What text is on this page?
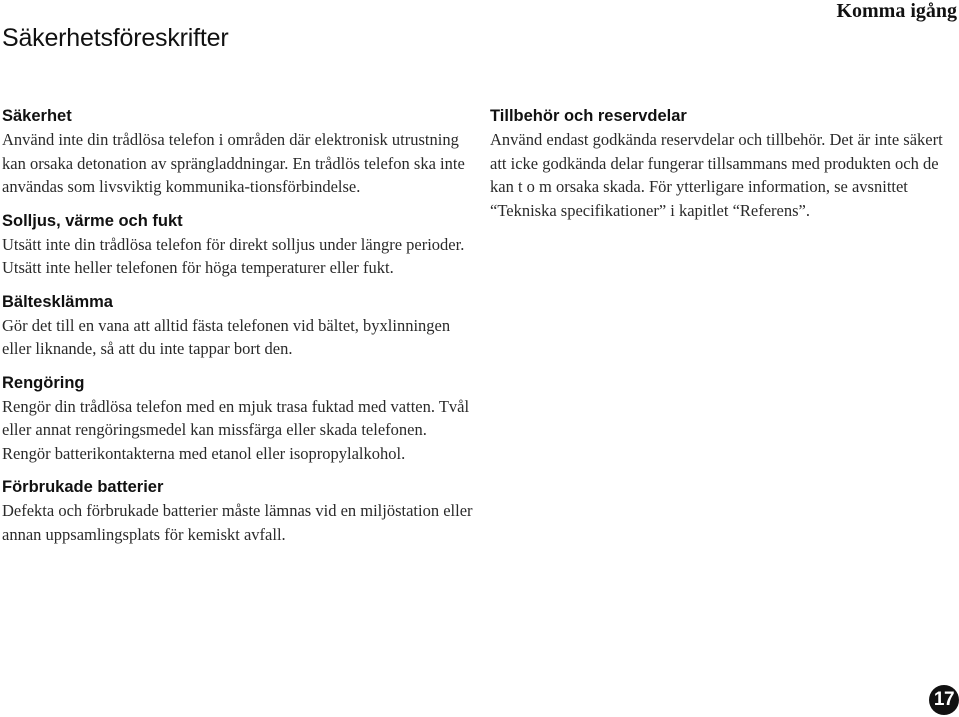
Säkerhetsföreskrifter
Komma igång
Säkerhet

Använd inte din trådlösa telefon i områden där elektronisk utrustning kan orsaka detonation av sprängladdningar. En trådlös telefon ska inte användas som livsviktig kommunika-tionsförbindelse.

Solljus, värme och fukt

Utsätt inte din trådlösa telefon för direkt solljus under längre perioder. Utsätt inte heller telefonen för höga temperaturer eller fukt.

Bältesklämma

Gör det till en vana att alltid fästa telefonen vid bältet, byxlinningen eller liknande, så att du inte tappar bort den.

Rengöring

Rengör din trådlösa telefon med en mjuk trasa fuktad med vatten. Tvål eller annat rengöringsmedel kan missfärga eller skada telefonen. Rengör batterikontakterna med etanol eller isopropylalkohol.

Förbrukade batterier

Defekta och förbrukade batterier måste lämnas vid en miljöstation eller annan uppsamlingsplats för kemiskt avfall.

Tillbehör och reservdelar

Använd endast godkända reservdelar och tillbehör. Det är inte säkert att icke godkända delar fungerar tillsammans med produkten och de kan t o m orsaka skada. För ytterligare information, se avsnittet “Tekniska specifikationer” i kapitlet “Referens”.

17
